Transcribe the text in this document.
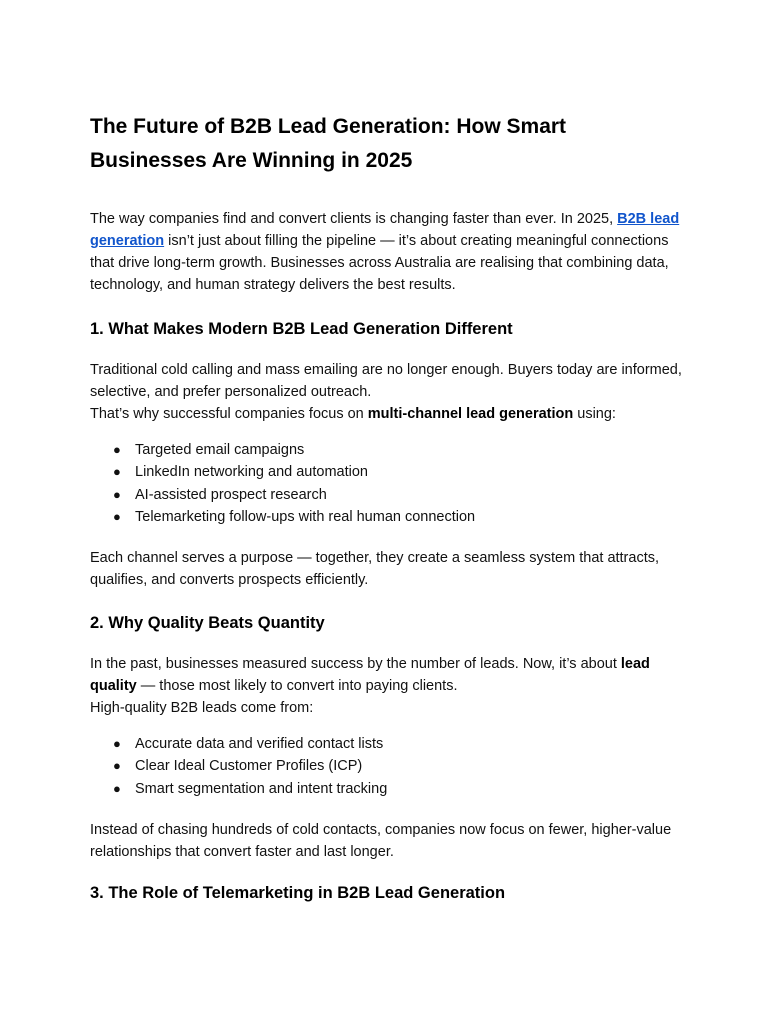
The Future of B2B Lead Generation: How Smart
Businesses Are Winning in 2025

The way companies find and convert clients is changing faster than ever. In 2025, B2B lead generation isn’t just about filling the pipeline — it’s about creating meaningful connections that drive long-term growth. Businesses across Australia are realising that combining data, technology, and human strategy delivers the best results.

1. What Makes Modern B2B Lead Generation Different

Traditional cold calling and mass emailing are no longer enough. Buyers today are informed, selective, and prefer personalized outreach.
That’s why successful companies focus on multi-channel lead generation using:

● Targeted email campaigns
● LinkedIn networking and automation
● AI-assisted prospect research
● Telemarketing follow-ups with real human connection

Each channel serves a purpose — together, they create a seamless system that attracts, qualifies, and converts prospects efficiently.

2. Why Quality Beats Quantity

In the past, businesses measured success by the number of leads. Now, it’s about lead quality — those most likely to convert into paying clients.
High-quality B2B leads come from:

● Accurate data and verified contact lists
● Clear Ideal Customer Profiles (ICP)
● Smart segmentation and intent tracking

Instead of chasing hundreds of cold contacts, companies now focus on fewer, higher-value relationships that convert faster and last longer.

3. The Role of Telemarketing in B2B Lead Generation
